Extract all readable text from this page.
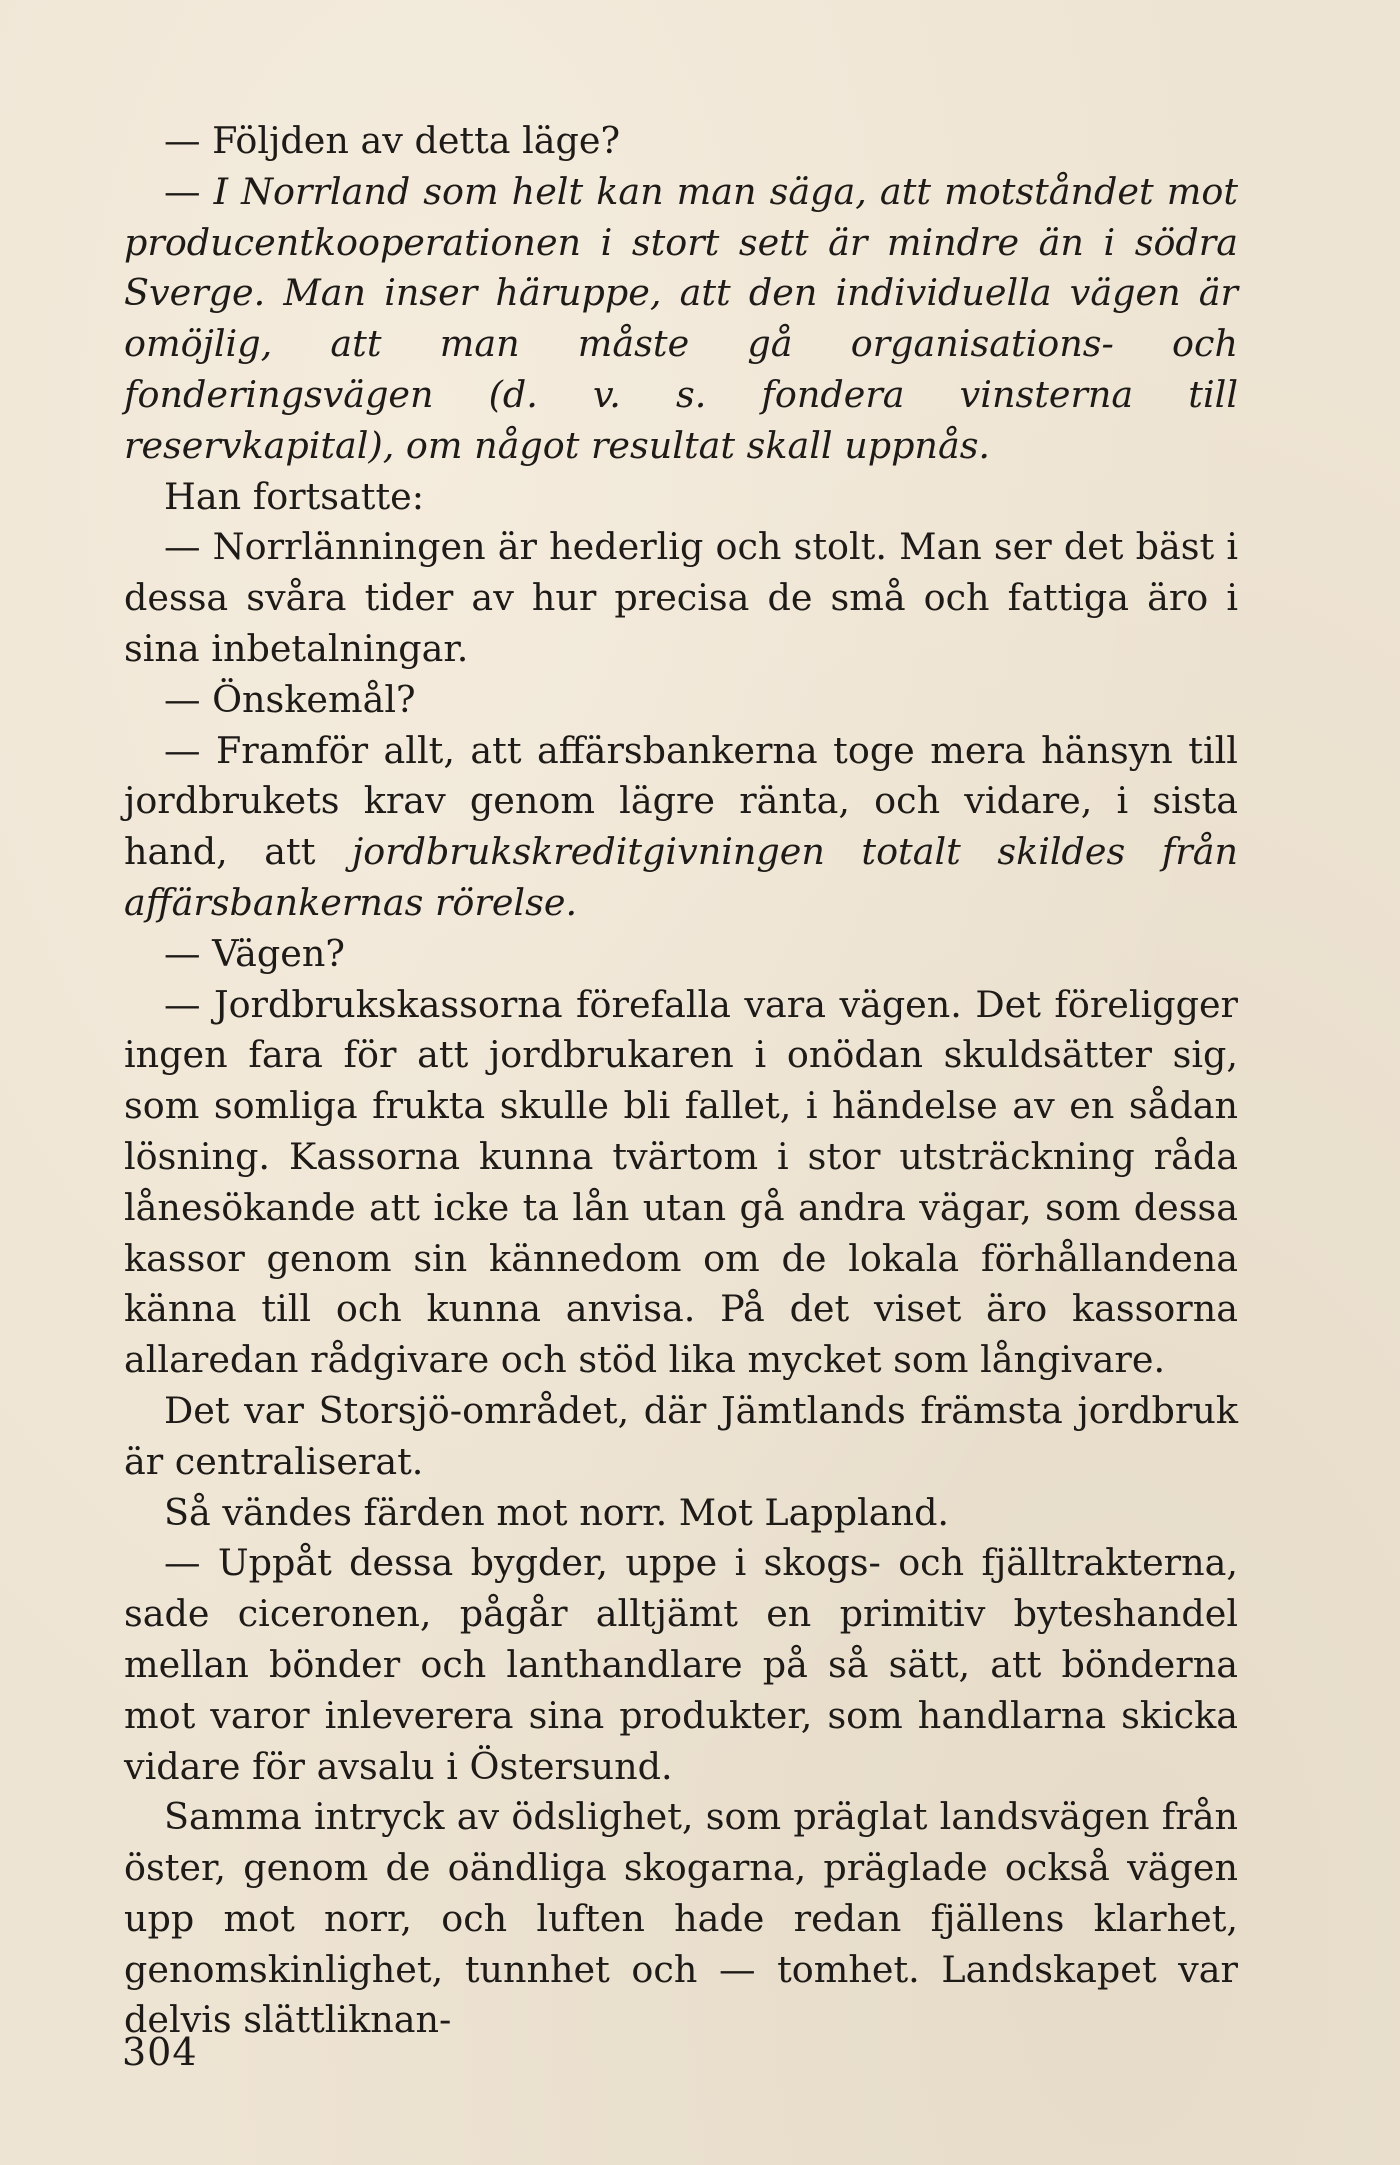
— Följden av detta läge?

— I Norrland som helt kan man säga, att motståndet mot producentkooperationen i stort sett är mindre än i södra Sverge. Man inser häruppe, att den individuella vägen är omöjlig, att man måste gå organisations- och fonderingsvägen (d. v. s. fondera vinsterna till reservkapital), om något resultat skall uppnås.

Han fortsatte:

— Norrlänningen är hederlig och stolt. Man ser det bäst i dessa svåra tider av hur precisa de små och fattiga äro i sina inbetalningar.

— Önskemål?

— Framför allt, att affärsbankerna toge mera hänsyn till jordbrukets krav genom lägre ränta, och vidare, i sista hand, att jordbrukskreditgivningen totalt skildes från affärsbankernas rörelse.

— Vägen?

— Jordbrukskassorna förefalla vara vägen. Det föreligger ingen fara för att jordbrukaren i onödan skuldsätter sig, som somliga frukta skulle bli fallet, i händelse av en sådan lösning. Kassorna kunna tvärtom i stor utsträckning råda lånesökande att icke ta lån utan gå andra vägar, som dessa kassor genom sin kännedom om de lokala förhållandena känna till och kunna anvisa. På det viset äro kassorna allaredan rådgivare och stöd lika mycket som långivare.

Det var Storsjö-området, där Jämtlands främsta jordbruk är centraliserat.

Så vändes färden mot norr. Mot Lappland.

— Uppåt dessa bygder, uppe i skogs- och fjälltrakterna, sade ciceronen, pågår alltjämt en primitiv byteshandel mellan bönder och lanthandlare på så sätt, att bönderna mot varor inleverera sina produkter, som handlarna skicka vidare för avsalu i Östersund.

Samma intryck av ödslighet, som präglat landsvägen från öster, genom de oändliga skogarna, präglade också vägen upp mot norr, och luften hade redan fjällens klarhet, genomskinlighet, tunnhet och — tomhet. Landskapet var delvis slättliknan-

304
